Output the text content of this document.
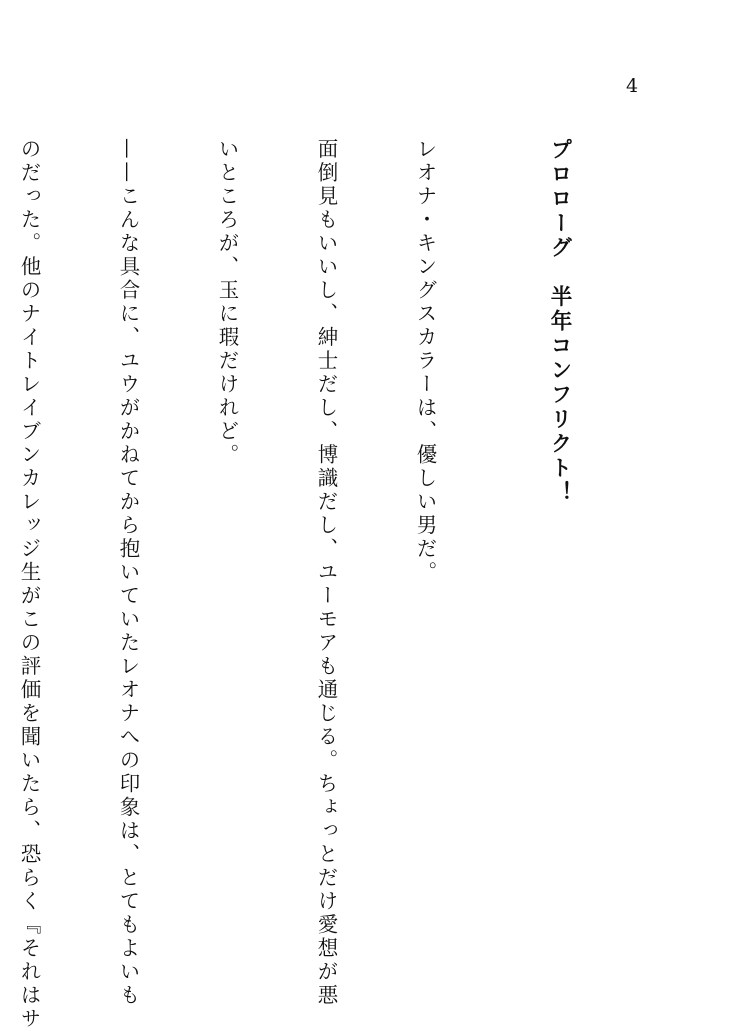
4

プロローグ　半年コンフリクト！

レオナ・キングスカラーは、優しい男だ。

面倒見もいいし、紳士だし、博識だし、ユーモアも通じる。ちょっとだけ愛想が悪

いところが、玉に瑕だけれど。

——こんな具合に、ユウがかねてから抱いていたレオナへの印象は、とてもよいも

のだった。他のナイトレイブンカレッジ生がこの評価を聞いたら、恐らく『それはサ
